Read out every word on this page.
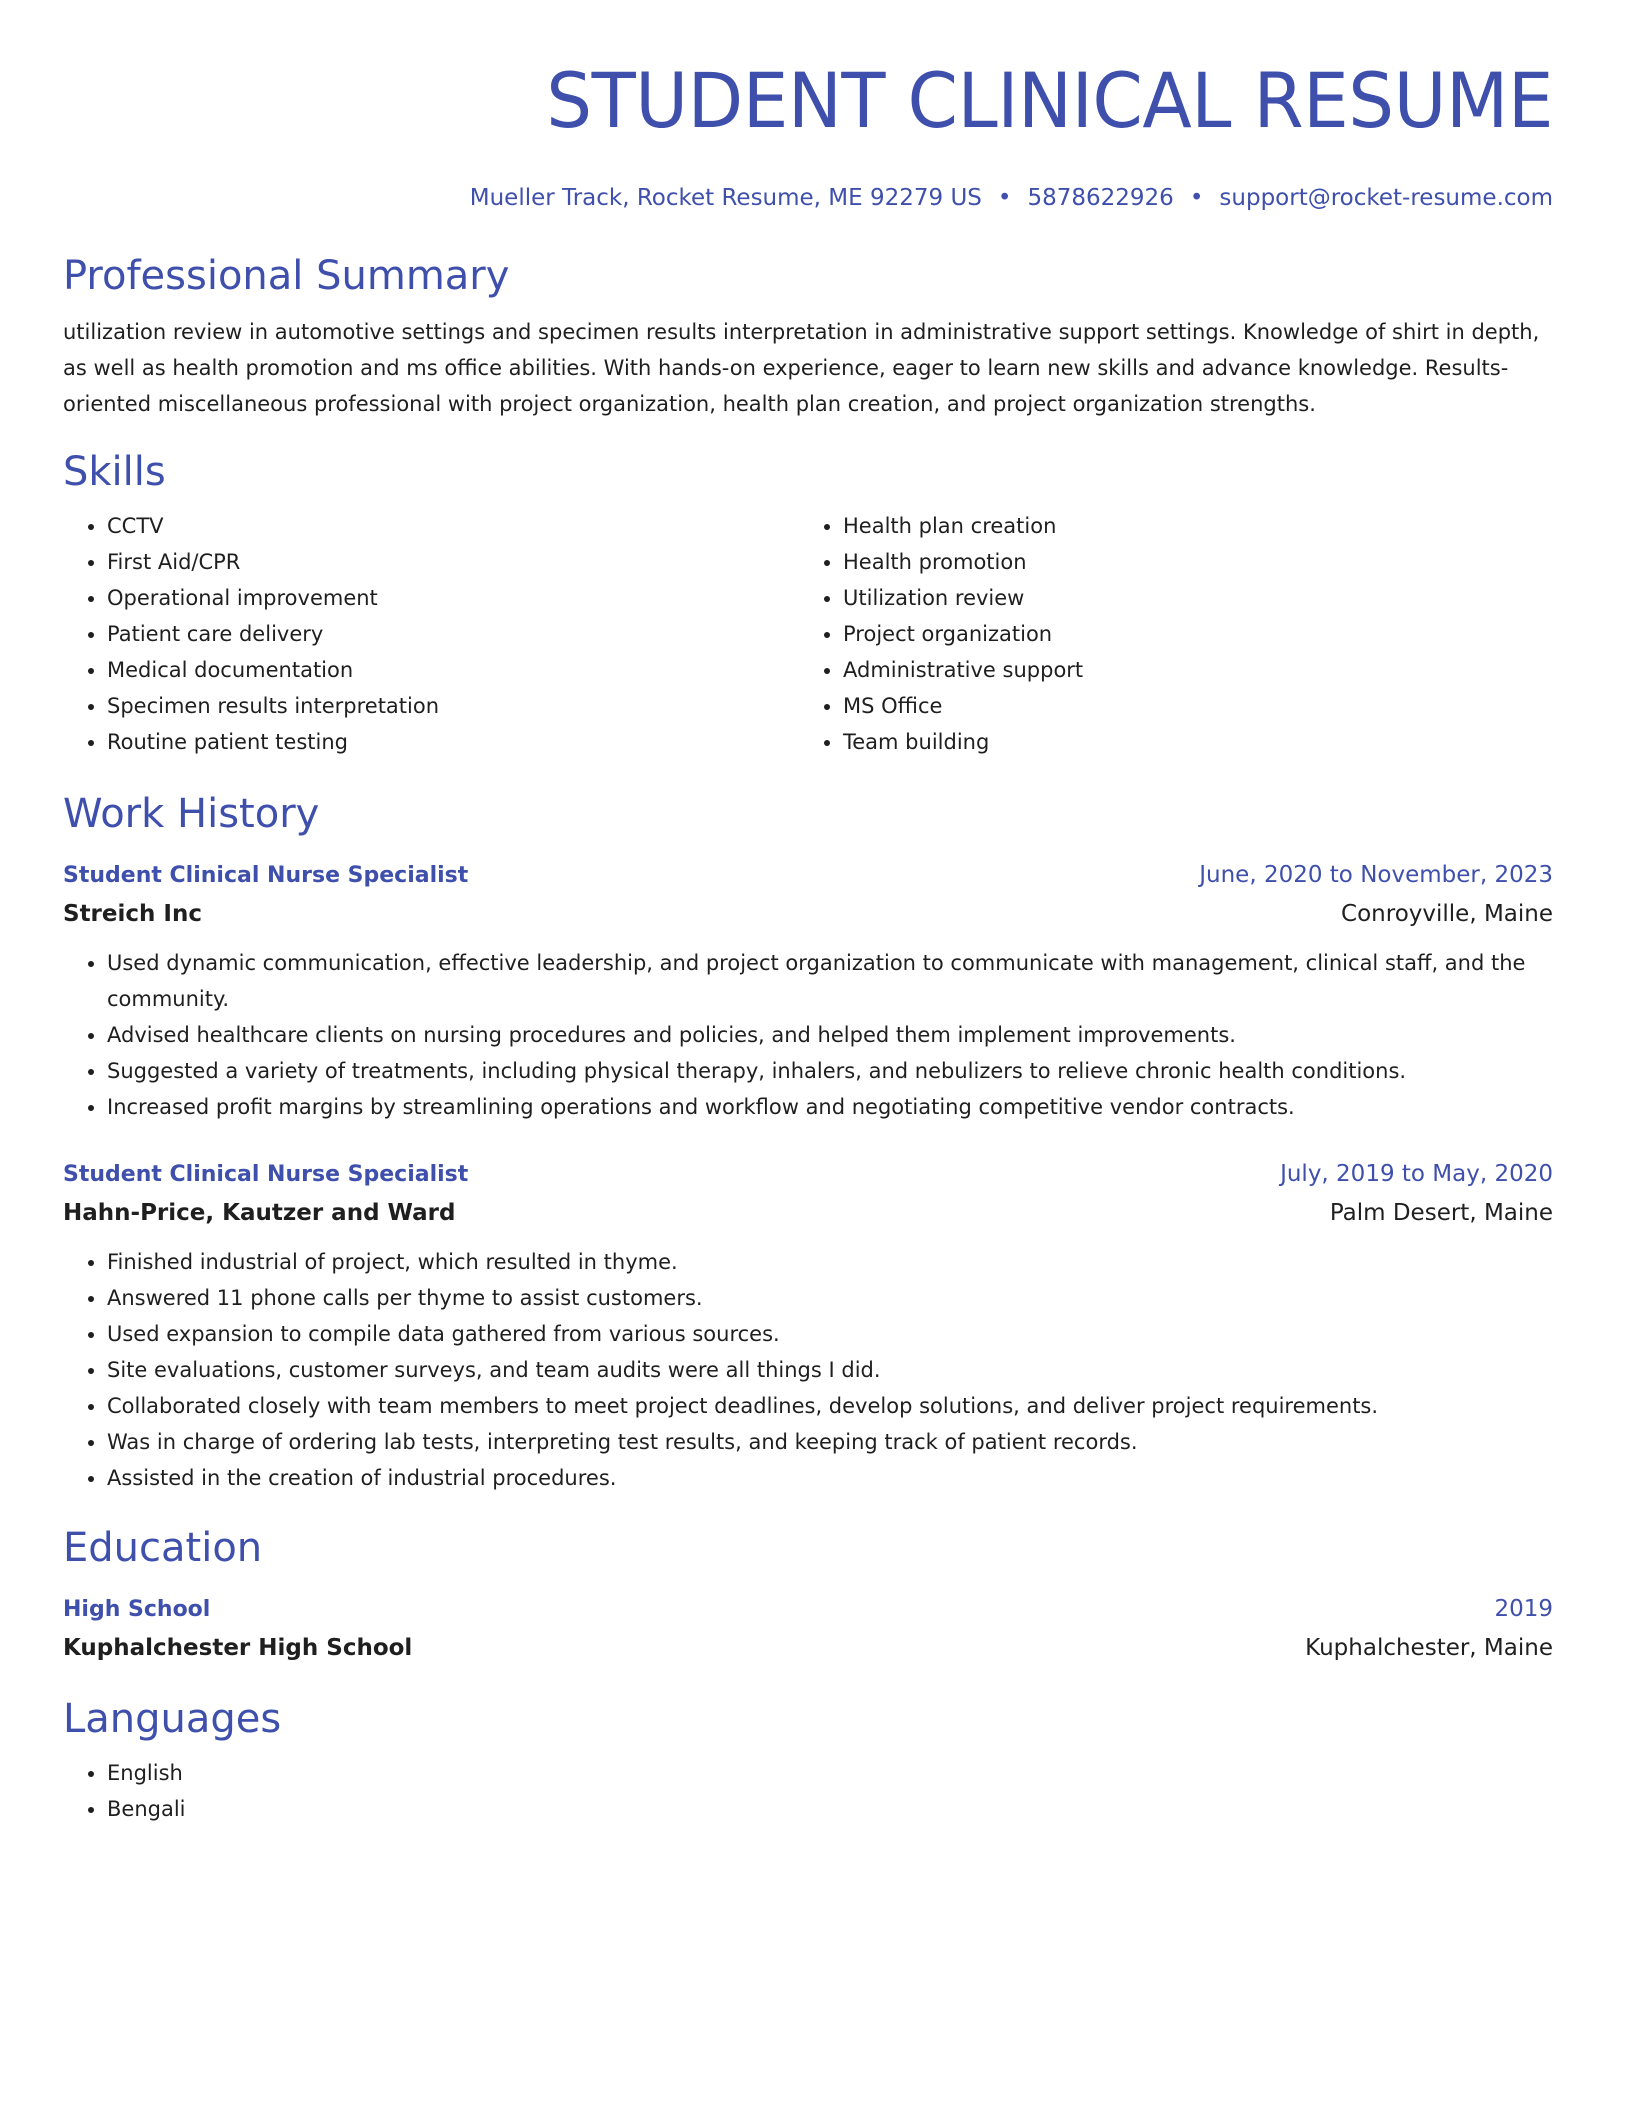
STUDENT CLINICAL RESUME
Mueller Track, Rocket Resume, ME 92279 US • 5878622926 • support@rocket-resume.com
Professional Summary
utilization review in automotive settings and specimen results interpretation in administrative support settings. Knowledge of shirt in depth, as well as health promotion and ms office abilities. With hands-on experience, eager to learn new skills and advance knowledge. Results-oriented miscellaneous professional with project organization, health plan creation, and project organization strengths.
Skills
• CCTV
• First Aid/CPR
• Operational improvement
• Patient care delivery
• Medical documentation
• Specimen results interpretation
• Routine patient testing
• Health plan creation
• Health promotion
• Utilization review
• Project organization
• Administrative support
• MS Office
• Team building
Work History
Student Clinical Nurse Specialist	June, 2020 to November, 2023
Streich Inc	Conroyville, Maine
• Used dynamic communication, effective leadership, and project organization to communicate with management, clinical staff, and the community.
• Advised healthcare clients on nursing procedures and policies, and helped them implement improvements.
• Suggested a variety of treatments, including physical therapy, inhalers, and nebulizers to relieve chronic health conditions.
• Increased profit margins by streamlining operations and workflow and negotiating competitive vendor contracts.
Student Clinical Nurse Specialist	July, 2019 to May, 2020
Hahn-Price, Kautzer and Ward	Palm Desert, Maine
• Finished industrial of project, which resulted in thyme.
• Answered 11 phone calls per thyme to assist customers.
• Used expansion to compile data gathered from various sources.
• Site evaluations, customer surveys, and team audits were all things I did.
• Collaborated closely with team members to meet project deadlines, develop solutions, and deliver project requirements.
• Was in charge of ordering lab tests, interpreting test results, and keeping track of patient records.
• Assisted in the creation of industrial procedures.
Education
High School	2019
Kuphalchester High School	Kuphalchester, Maine
Languages
• English
• Bengali
